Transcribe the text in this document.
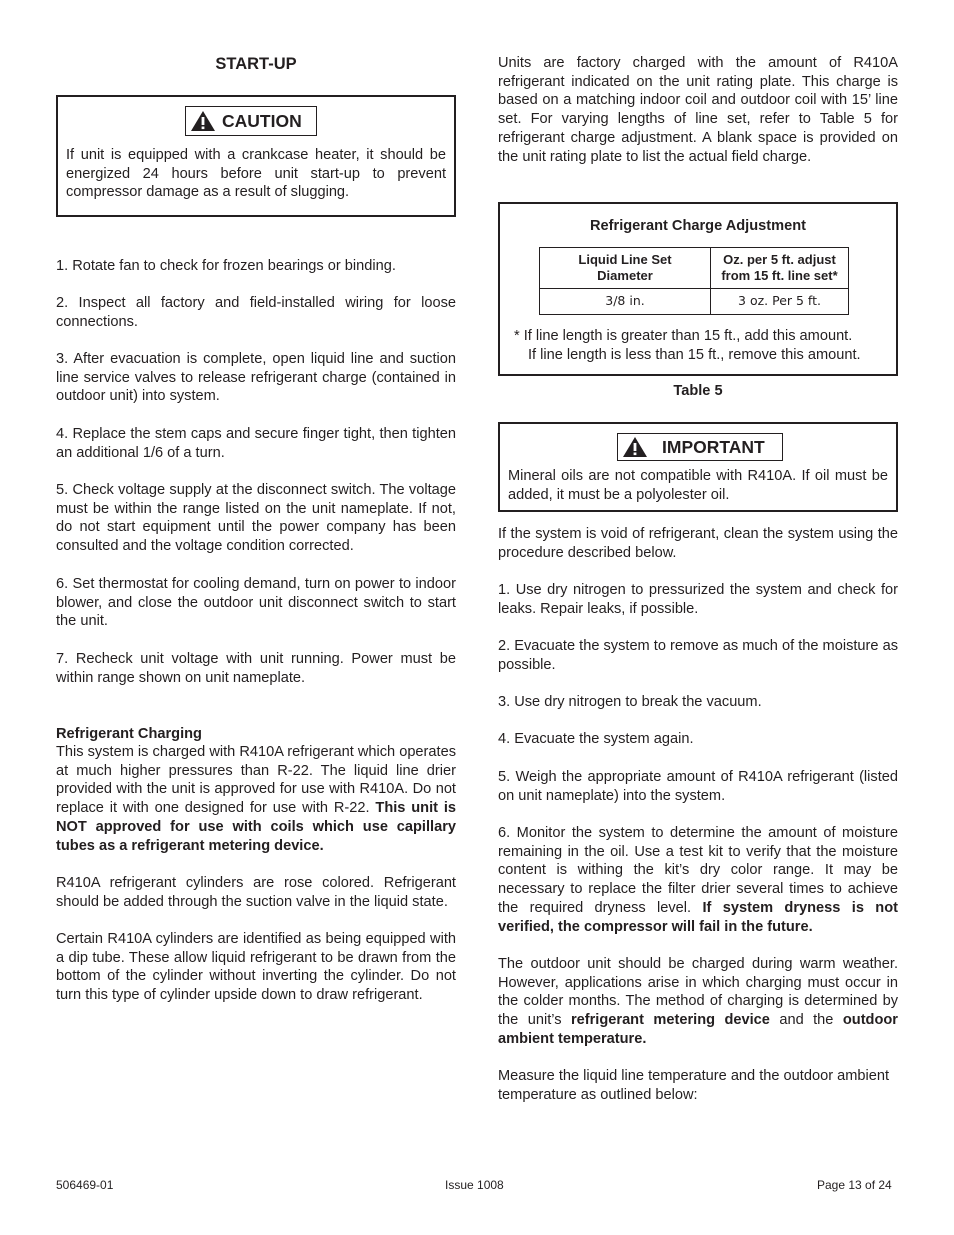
START-UP
CAUTION
If unit is equipped with a crankcase heater, it should be energized 24 hours before unit start-up to prevent compressor damage as a result of slugging.

1. Rotate fan to check for frozen bearings or binding.

2. Inspect all factory and field-installed wiring for loose connections.

3. After evacuation is complete, open liquid line and suction line service valves to release refrigerant charge (contained in outdoor unit) into system.

4. Replace the stem caps and secure finger tight, then tighten an additional 1/6 of a turn.

5. Check voltage supply at the disconnect switch. The voltage must be within the range listed on the unit nameplate. If not, do not start equipment until the power company has been consulted and the voltage condition corrected.

6. Set thermostat for cooling demand, turn on power to indoor blower, and close the outdoor unit disconnect switch to start the unit.

7. Recheck unit voltage with unit running. Power must be within range shown on unit nameplate.

Refrigerant Charging

This system is charged with R410A refrigerant which operates at much higher pressures than R-22. The liquid line drier provided with the unit is approved for use with R410A. Do not replace it with one designed for use with R-22. This unit is NOT approved for use with coils which use capillary tubes as a refrigerant metering device.

R410A refrigerant cylinders are rose colored. Refrigerant should be added through the suction valve in the liquid state.

Certain R410A cylinders are identified as being equipped with a dip tube. These allow liquid refrigerant to be drawn from the bottom of the cylinder without inverting the cylinder. Do not turn this type of cylinder upside down to draw refrigerant.

Units are factory charged with the amount of R410A refrigerant indicated on the unit rating plate. This charge is based on a matching indoor coil and outdoor coil with 15’ line set. For varying lengths of line set, refer to Table 5 for refrigerant charge adjustment. A blank space is provided on the unit rating plate to list the actual field charge.

Refrigerant Charge Adjustment
Liquid Line Set Diameter	Oz. per 5 ft. adjust from 15 ft. line set*
3/8 in.	3 oz. Per 5 ft.
* If line length is greater than 15 ft., add this amount.
If line length is less than 15 ft., remove this amount.
Table 5
IMPORTANT
Mineral oils are not compatible with R410A. If oil must be added, it must be a polyolester oil.

If the system is void of refrigerant, clean the system using the procedure described below.

1. Use dry nitrogen to pressurized the system and check for leaks. Repair leaks, if possible.

2. Evacuate the system to remove as much of the moisture as possible.

3. Use dry nitrogen to break the vacuum.

4. Evacuate the system again.

5. Weigh the appropriate amount of R410A refrigerant (listed on unit nameplate) into the system.

6. Monitor the system to determine the amount of moisture remaining in the oil. Use a test kit to verify that the moisture content is withing the kit’s dry color range. It may be necessary to replace the filter drier several times to achieve the required dryness level. If system dryness is not verified, the compressor will fail in the future.

The outdoor unit should be charged during warm weather. However, applications arise in which charging must occur in the colder months. The method of charging is determined by the unit’s refrigerant metering device and the outdoor ambient temperature.

Measure the liquid line temperature and the outdoor ambient temperature as outlined below:

506469-01	Issue 1008	Page 13 of 24
